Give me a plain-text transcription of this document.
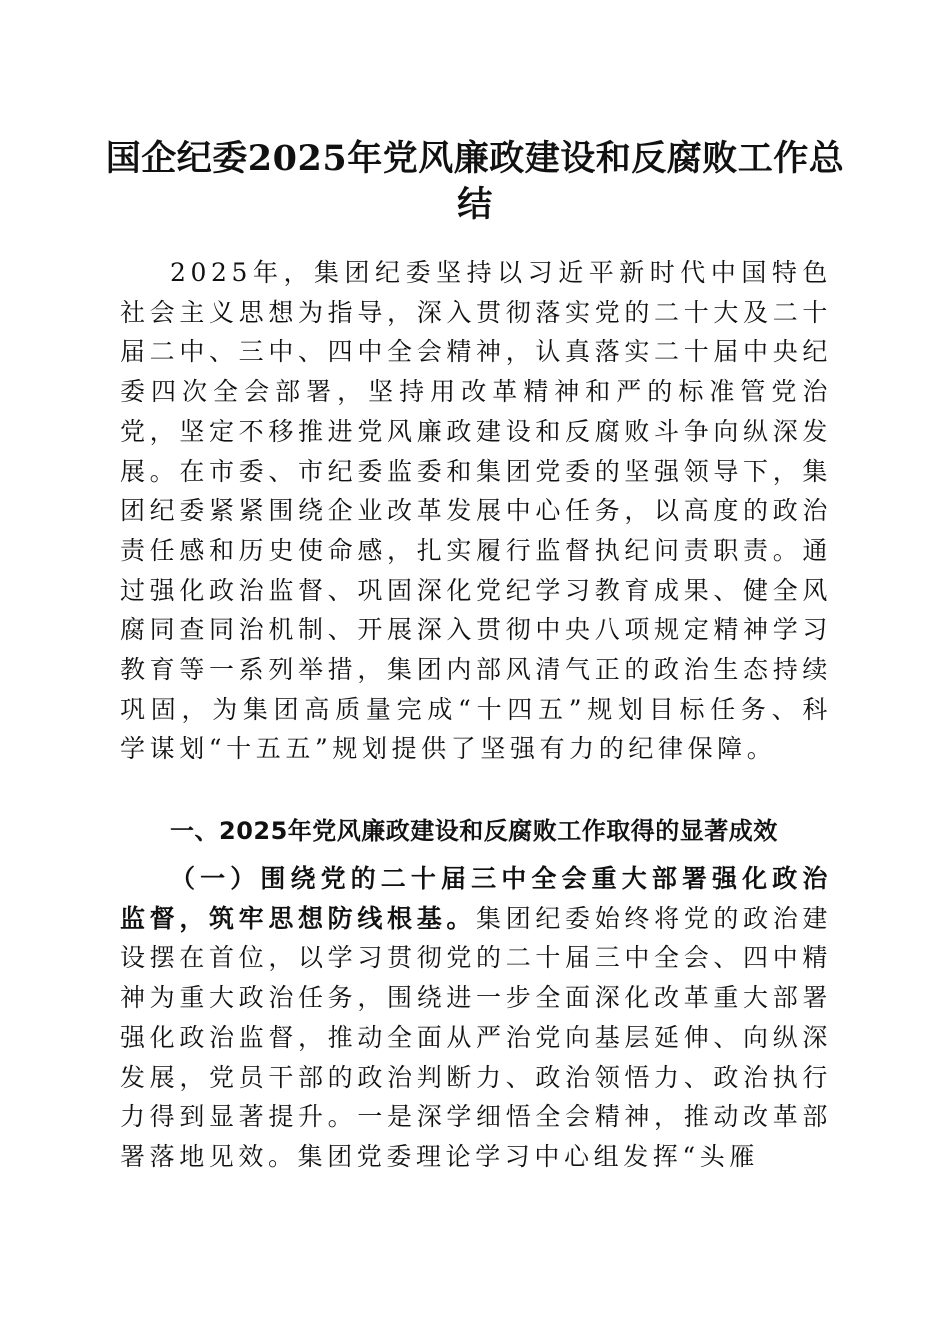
国企纪委2025年党风廉政建设和反腐败工作总结

2025年，集团纪委坚持以习近平新时代中国特色社会主义思想为指导，深入贯彻落实党的二十大及二十届二中、三中、四中全会精神，认真落实二十届中央纪委四次全会部署，坚持用改革精神和严的标准管党治党，坚定不移推进党风廉政建设和反腐败斗争向纵深发展。在市委、市纪委监委和集团党委的坚强领导下，集团纪委紧紧围绕企业改革发展中心任务，以高度的政治责任感和历史使命感，扎实履行监督执纪问责职责。通过强化政治监督、巩固深化党纪学习教育成果、健全风腐同查同治机制、开展深入贯彻中央八项规定精神学习教育等一系列举措，集团内部风清气正的政治生态持续巩固，为集团高质量完成“十四五”规划目标任务、科学谋划“十五五”规划提供了坚强有力的纪律保障。

一、2025年党风廉政建设和反腐败工作取得的显著成效

（一）围绕党的二十届三中全会重大部署强化政治监督，筑牢思想防线根基。集团纪委始终将党的政治建设摆在首位，以学习贯彻党的二十届三中全会、四中精神为重大政治任务，围绕进一步全面深化改革重大部署强化政治监督，推动全面从严治党向基层延伸、向纵深发展，党员干部的政治判断力、政治领悟力、政治执行力得到显著提升。一是深学细悟全会精神，推动改革部署落地见效。集团党委理论学习中心组发挥“头雁
